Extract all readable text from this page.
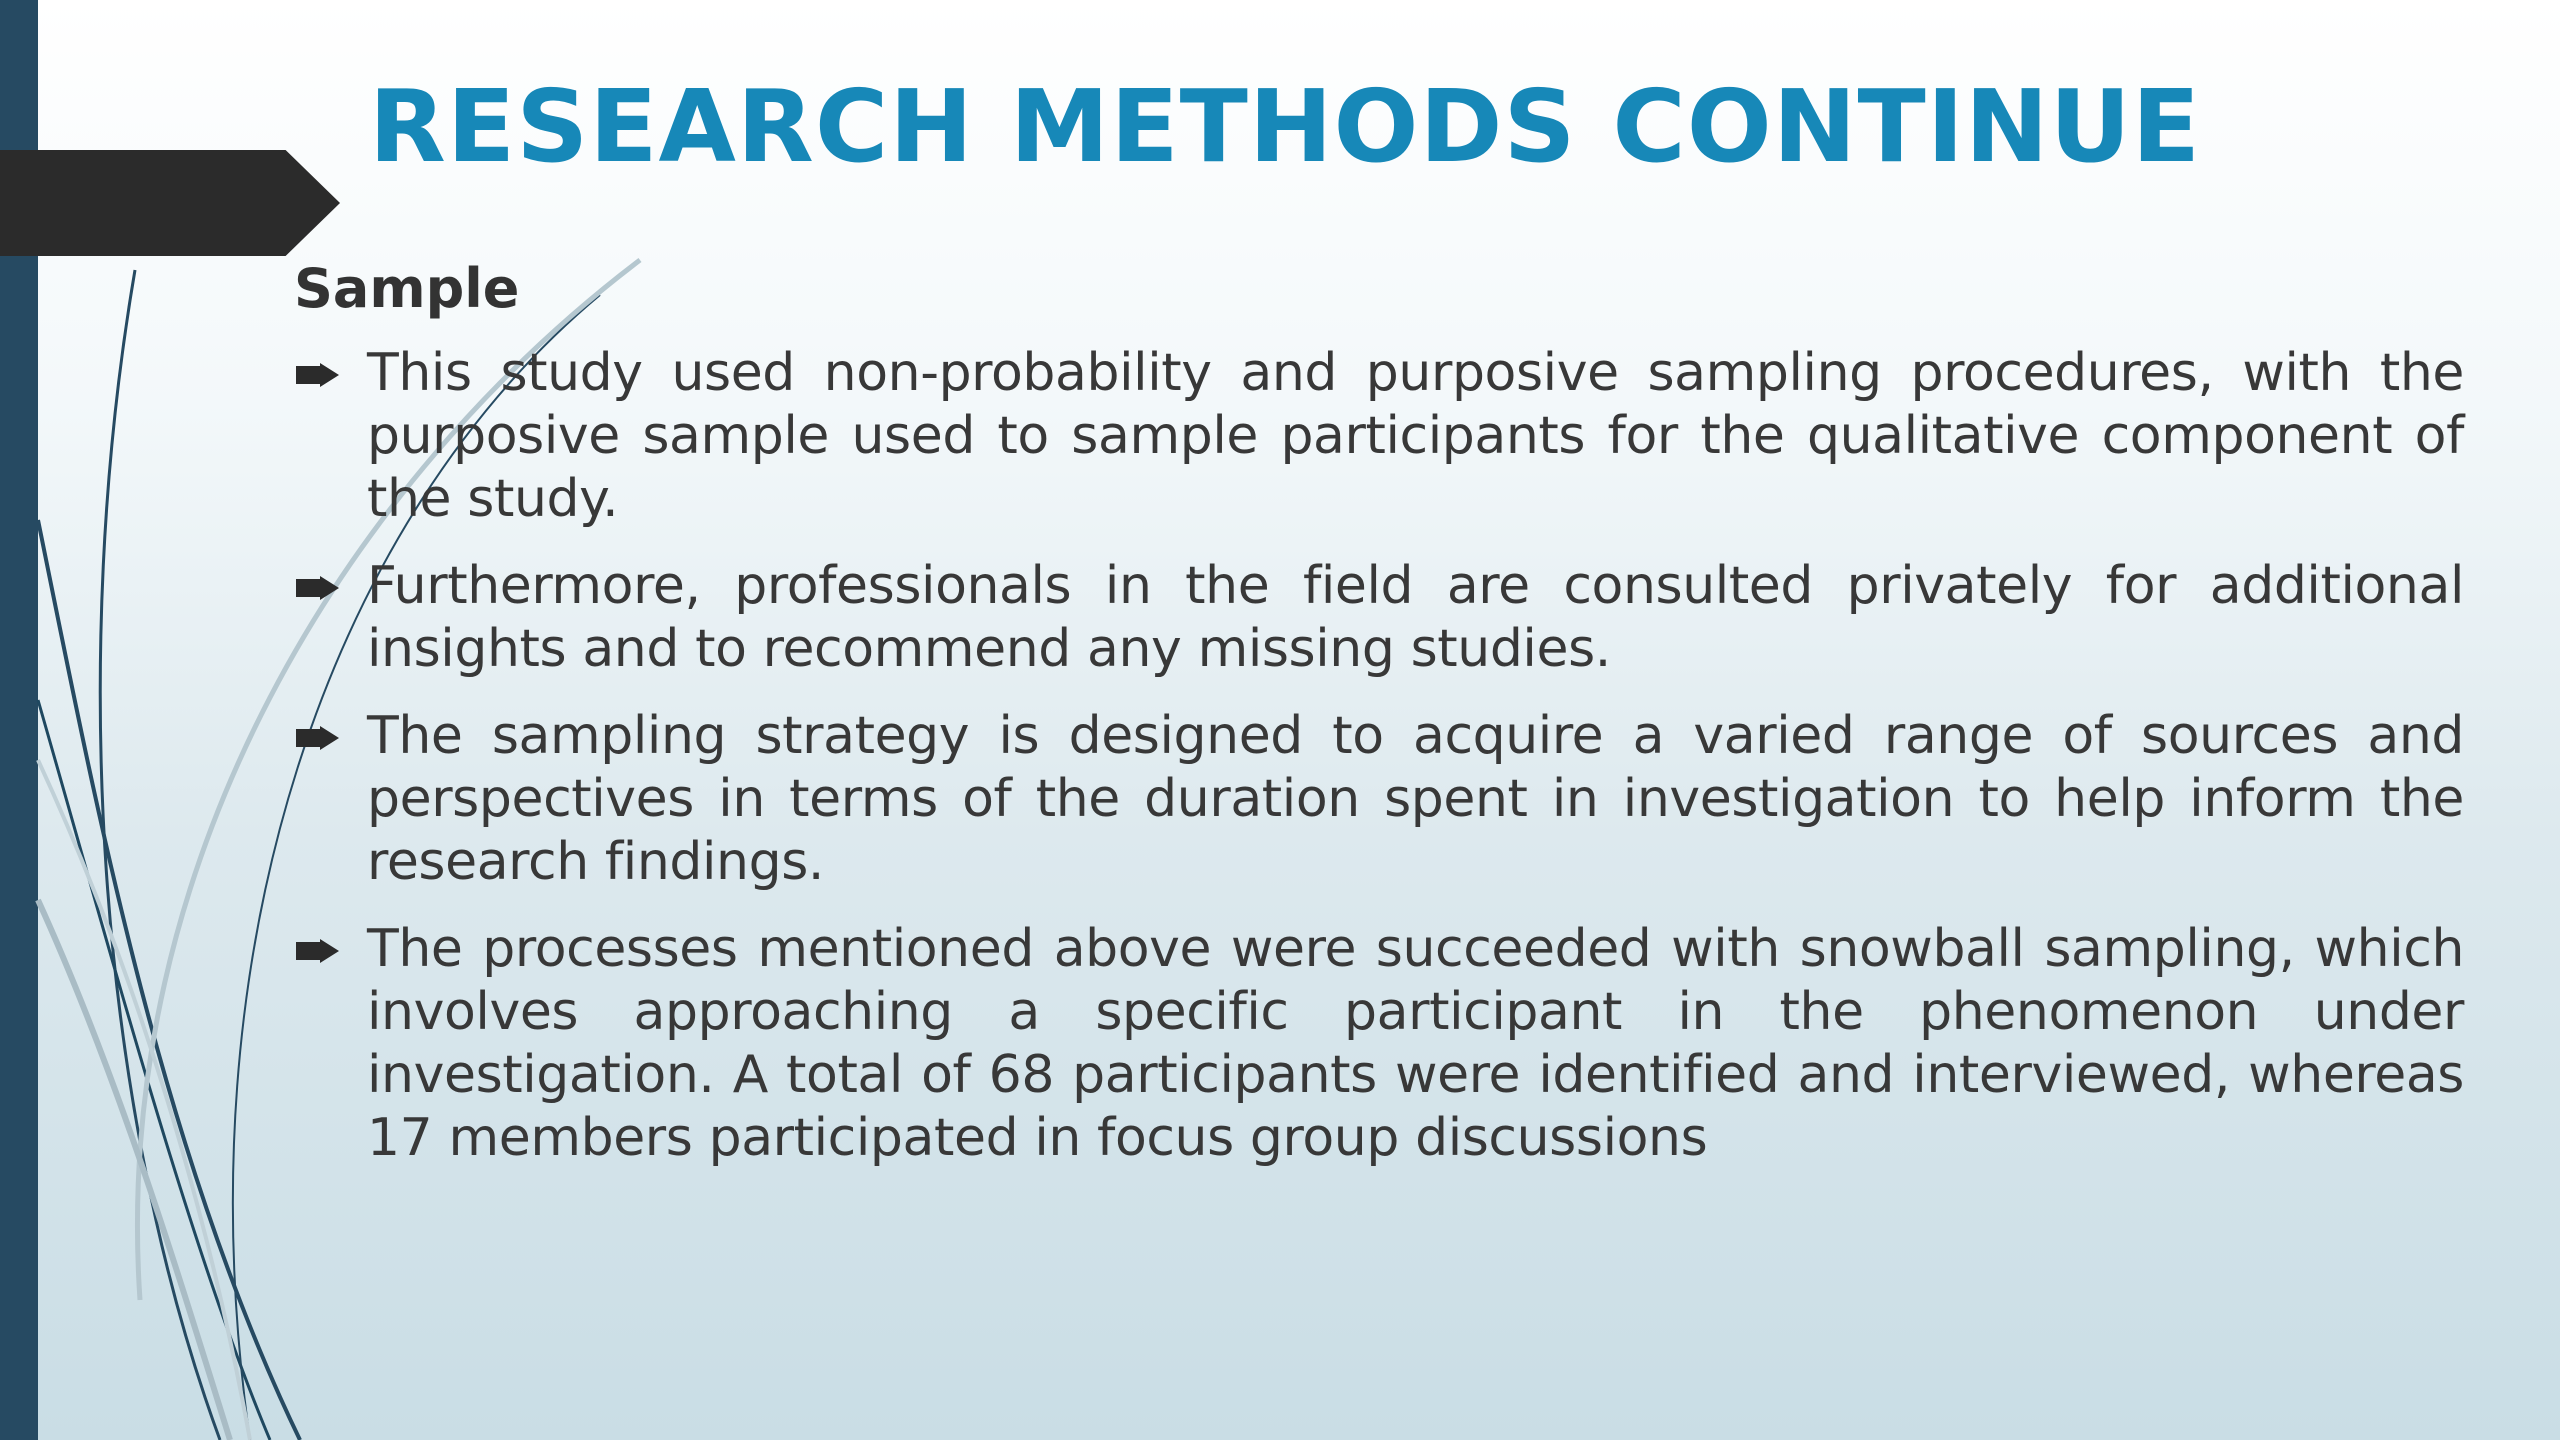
RESEARCH METHODS CONTINUE
Sample

This study used non-probability and purposive sampling procedures, with the purposive sample used to sample participants for the qualitative component of the study.

Furthermore, professionals in the field are consulted privately for additional insights and to recommend any missing studies.

The sampling strategy is designed to acquire a varied range of sources and perspectives in terms of the duration spent in investigation to help inform the research findings.

The processes mentioned above were succeeded with snowball sampling, which involves approaching a specific participant in the phenomenon under investigation. A total of 68 participants were identified and interviewed, whereas 17 members participated in focus group discussions
